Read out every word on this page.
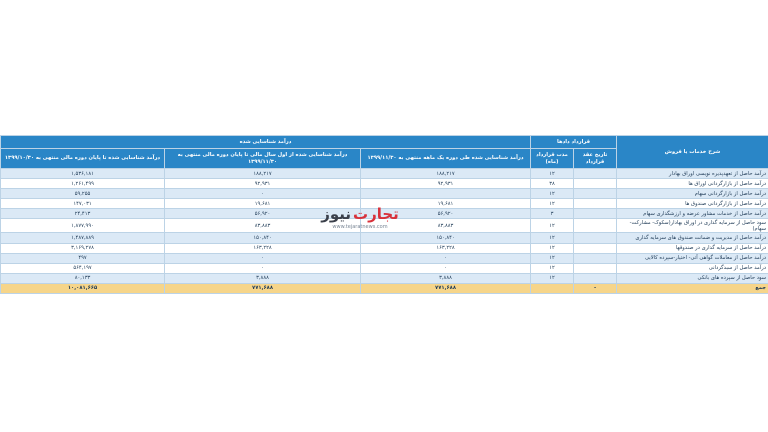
شرح خدمات یا فروش	قرارداد دادها		درآمد شناسایی شده		
	تاریخ عقد قرارداد	مدت قرارداد (ماه)	درآمد شناسایی شده طی دوره یک ماهه منتهی به ۱۳۹۹/۱۱/۳۰	درآمد شناسایی شده از اول سال مالی تا پایان دوره مالی منتهی به ۱۳۹۹/۱۱/۳۰	درآمد شناسایی شده تا پایان دوره مالی منتهی به ۱۳۹۹/۱۰/۳۰
درآمد حاصل از تعهد‌پذیره نویسی اوراق بهادار		۱۲	۱۸۸,۲۱۷	۱۸۸,۲۱۷	۱,۵۳۶,۱۸۱
درآمد حاصل از بازارگردانی اوراق ها		۳۸	۹۲,۹۳۱	۹۲,۹۳۱	۱,۲۶۱,۴۹۹
درآمد حاصل از بازارگردانی سهام		۱۲		۰	۵۹,۲۵۵
درآمد حاصل از بازارگردانی صندوق ها		۱۲	۱۹,۶۸۱	۱۹,۶۸۱	۱۴۷,۰۳۱
درآمد حاصل از خدمات مشاور عرضه و ارزشگذاری سهام		۳	۵۶,۹۲۰	۵۶,۹۲۰	۲۴,۴۱۳
سود حاصل از سرمایه گذاری در اوراق بهادار(سکوک- مشارکت-سهام)		۱۲	۸۳,۸۸۳	۸۳,۸۸۳	۱,۸۷۷,۹۹۰
درآمد حاصل از مدیریت و ضمانت صندوق های سرمایه گذاری		۱۲	۱۵۰,۸۴۰	۱۵۰,۸۴۰	۱,۴۸۷,۸۸۹
درآمد حاصل از سرمایه گذاری در صندوقها		۱۲	۱۶۳,۲۲۸	۱۶۳,۲۲۸	۳,۱۶۹,۲۷۸
درآمد حاصل از معاملات گواهی آتی- اختیار-سپرده کالایی		۱۲	۰	۰	۴۹۷
درآمد حاصل از سبدگردانی		۱۲	۰	۰	۵۶۴,۱۹۷
سود حاصل از سپرده های بانکی		۱۲	۳,۸۸۸	۳,۸۸۸	۸۰,۱۳۳
جمع	-		۷۷۱,۶۸۸	۷۷۱,۶۸۸	۱۰,۰۸۱,۶۶۵
تجارت
نیوز
www.tejaratnews.com
